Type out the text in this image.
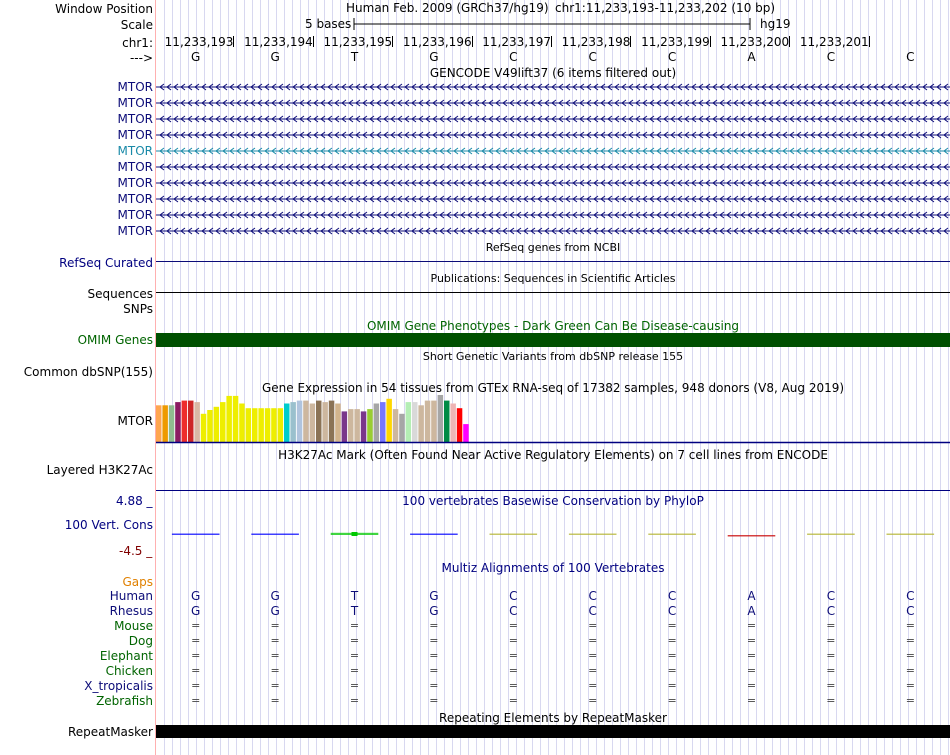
Window Position	Human Feb. 2009 (GRCh37/hg19) chr1:11,233,193-11,233,202 (10 bp)
Scale	5 bases	hg19
chr1: 11,233,193 11,233,194 11,233,195 11,233,196 11,233,197 11,233,198 11,233,199 11,233,200 11,233,201
--->	G	G	T	G	C	C	C	A	C	C
GENCODE V49lift37 (6 items filtered out)
MTOR
MTOR
MTOR
MTOR
MTOR
MTOR
MTOR
MTOR
MTOR
MTOR
RefSeq genes from NCBI
RefSeq Curated
Publications: Sequences in Scientific Articles
Sequences
SNPs
OMIM Gene Phenotypes - Dark Green Can Be Disease-causing
OMIM Genes
Short Genetic Variants from dbSNP release 155
Common dbSNP(155)
Gene Expression in 54 tissues from GTEx RNA-seq of 17382 samples, 948 donors (V8, Aug 2019)
MTOR
H3K27Ac Mark (Often Found Near Active Regulatory Elements) on 7 cell lines from ENCODE
Layered H3K27Ac
100 vertebrates Basewise Conservation by PhyloP
4.88 _
100 Vert. Cons
-4.5 _
Multiz Alignments of 100 Vertebrates
Gaps
Human	G	G	T	G	C	C	C	A	C	C
Rhesus	G	G	T	G	C	C	C	A	C	C
Mouse	=	=	=	=	=	=	=	=	=	=
Dog	=	=	=	=	=	=	=	=	=	=
Elephant	=	=	=	=	=	=	=	=	=	=
Chicken	=	=	=	=	=	=	=	=	=	=
X_tropicalis	=	=	=	=	=	=	=	=	=	=
Zebrafish	=	=	=	=	=	=	=	=	=	=
Repeating Elements by RepeatMasker
RepeatMasker
